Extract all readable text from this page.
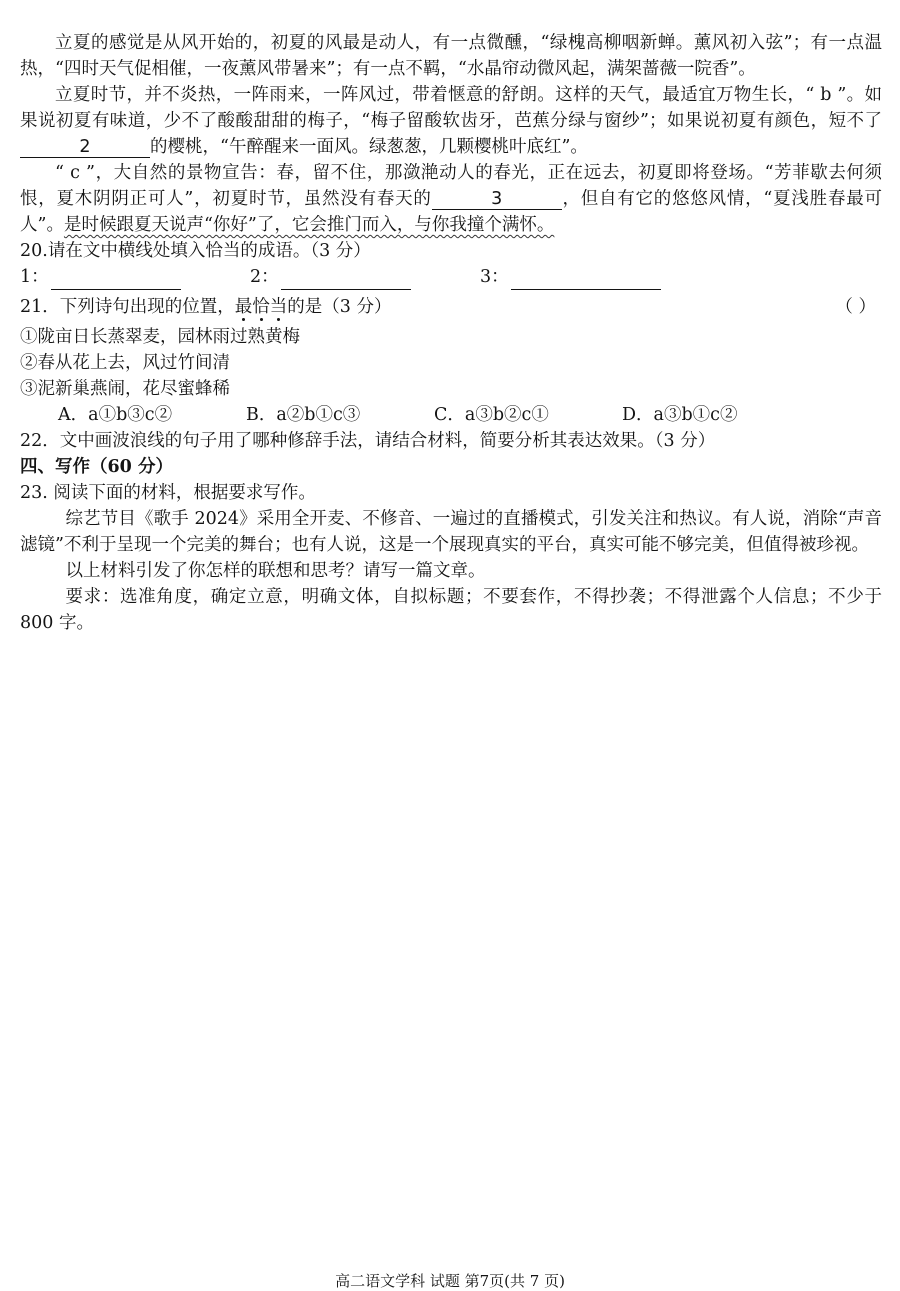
立夏的感觉是从风开始的，初夏的风最是动人，有一点微醺，“绿槐高柳咽新蝉。薰风初入弦”；有一点温热，“四时天气促相催，一夜薰风带暑来”；有一点不羁，“水晶帘动微风起，满架蔷薇一院香”。

立夏时节，并不炎热，一阵雨来，一阵风过，带着惬意的舒朗。这样的天气，最适宜万物生长，“ b ”。如果说初夏有味道，少不了酸酸甜甜的梅子，“梅子留酸软齿牙，芭蕉分绿与窗纱”；如果说初夏有颜色，短不了2	的樱桃，“午醉醒来一面风。绿葱葱，几颗樱桃叶底红”。

“ c ”，大自然的景物宣告：春，留不住，那潋滟动人的春光，正在远去，初夏即将登场。“芳菲歇去何须恨，夏木阴阴正可人”，初夏时节，虽然没有春天的	3	，但自有它的悠悠风情，“夏浅胜春最可人”。是时候跟夏天说声“你好”了，它会推门而入，与你我撞个满怀。

20.请在文中横线处填入恰当的成语。（3 分）

1：	2：	3：

21．下列诗句出现的位置，最恰当的是（3 分）	（ ）

①陇亩日长蒸翠麦，园林雨过熟黄梅

②春从花上去，风过竹间清

③泥新巢燕闹，花尽蜜蜂稀

A．a①b③c②	B．a②b①c③	C．a③b②c①	D．a③b①c②

22．文中画波浪线的句子用了哪种修辞手法，请结合材料，简要分析其表达效果。（3 分）

四、写作（60 分）

23. 阅读下面的材料，根据要求写作。

综艺节目《歌手 2024》采用全开麦、不修音、一遍过的直播模式，引发关注和热议。有人说，消除“声音滤镜”不利于呈现一个完美的舞台；也有人说，这是一个展现真实的平台，真实可能不够完美，但值得被珍视。

以上材料引发了你怎样的联想和思考？请写一篇文章。

要求：选准角度，确定立意，明确文体，自拟标题；不要套作，不得抄袭；不得泄露个人信息；不少于 800 字。

高二语文学科 试题 第7页(共 7 页)
